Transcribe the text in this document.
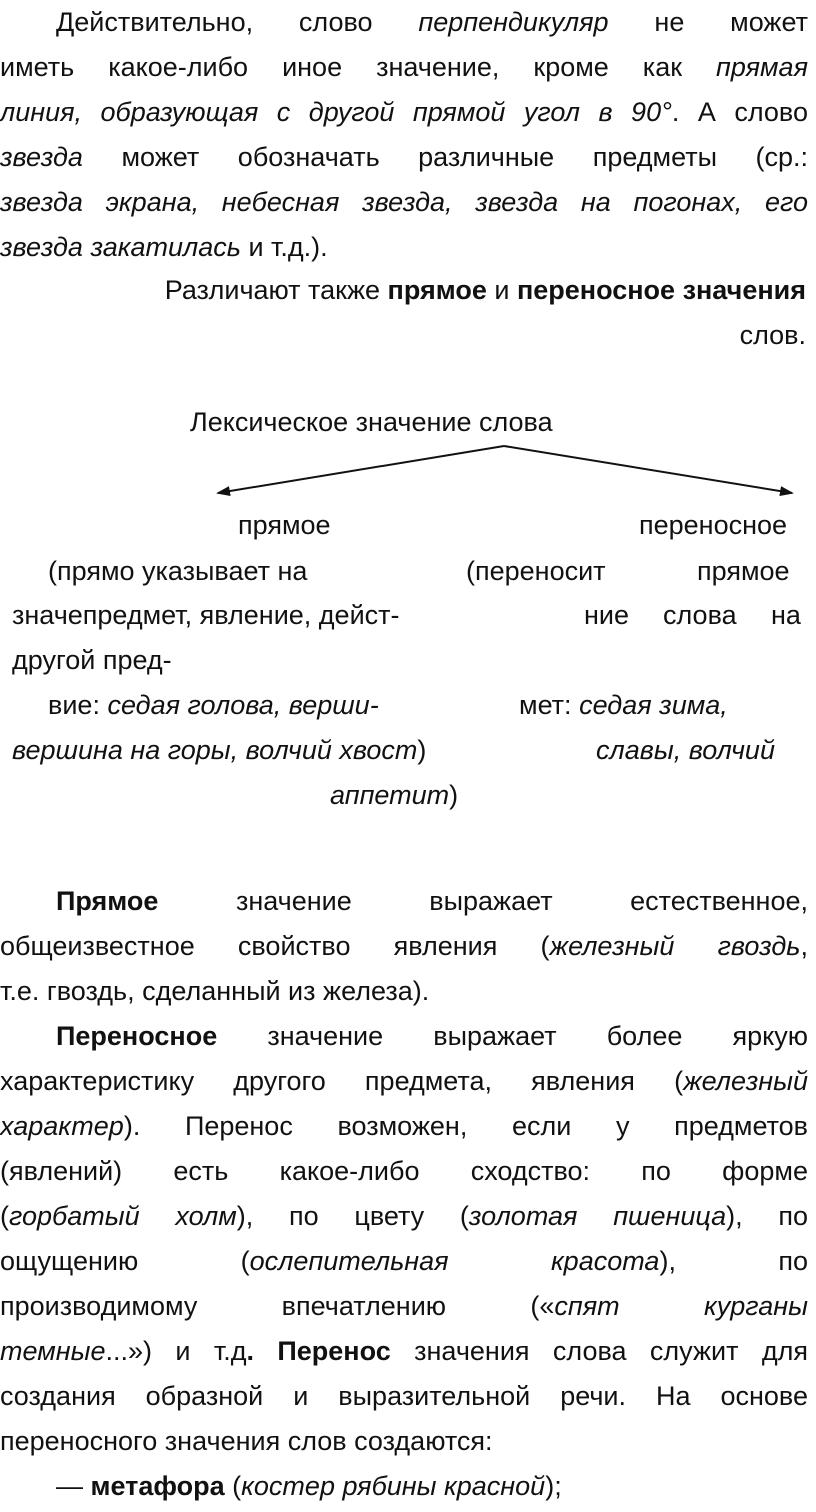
Действительно, слово перпендикуляр не может

иметь какое-либо иное значение, кроме как прямая

линия, образующая с другой прямой угол в 90°. А слово

звезда может обозначать различные предметы (ср.:

звезда экрана, небесная звезда, звезда на погонах, его

звезда закатилась и т.д.).

Различают также прямое и переносное значения

слов.

Лексическое значение слова
прямое	переносное
(прямо указывает на	(переносит	прямое
значепредмет, явление, дейст-	ние слова на
другой пред-
вие: седая голова, верши-	мет: седая зима,
вершина на горы, волчий хвост)	славы, волчий
аппетит)

Прямое	значение	выражает	естественное,

общеизвестное свойство явления (железный гвоздь,

т.е. гвоздь, сделанный из железа).

Переносное значение выражает более яркую

характеристику другого предмета, явления (железный

характер). Перенос возможен, если у предметов

(явлений) есть какое-либо сходство: по форме

(горбатый холм), по цвету (золотая пшеница), по

ощущению	(ослепительная	красота),	по

производимому	впечатлению	(«спят	курганы

темные...») и т.д. Перенос значения слова служит для

создания образной и выразительной речи. На основе

переносного значения слов создаются:

— метафора (костер рябины красной);
